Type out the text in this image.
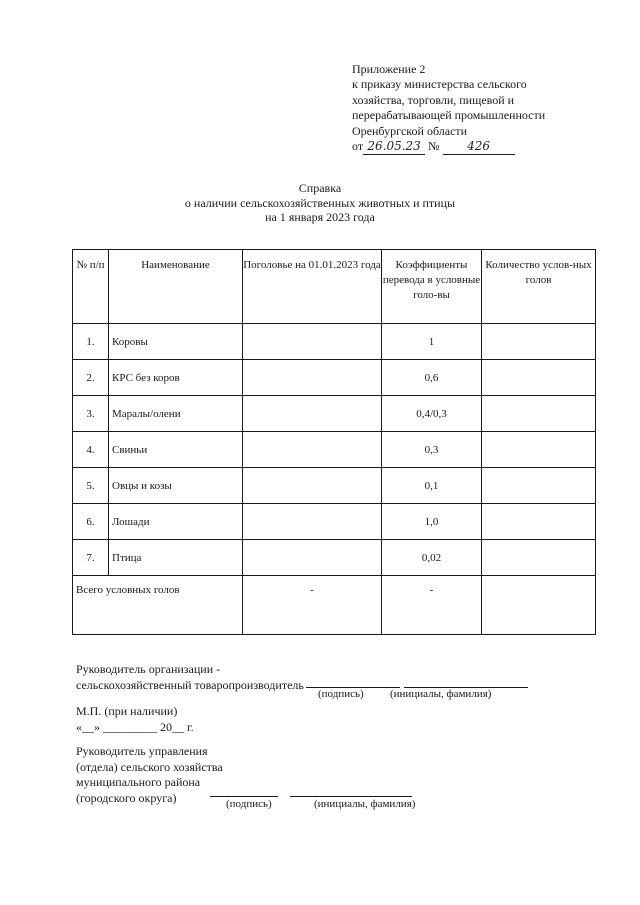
Приложение 2
к приказу министерства сельского
хозяйства, торговли, пищевой и
перерабатывающей промышленности
Оренбургской области
от 26.05.23 № 426
Справка
о наличии сельскохозяйственных животных и птицы
на 1 января 2023 года
№ п/п	Наименование	Поголовье на 01.01.2023 года	Коэффициенты перевода в условные голо-вы	Количество услов-ных голов
1.	Коровы		1	
2.	КРС без коров		0,6	
3.	Маралы/олени		0,4/0,3	
4.	Свиньи		0,3	
5.	Овцы и козы		0,1	
6.	Лошади		1,0	
7.	Птица		0,02	
Всего условных голов		-	-	
Руководитель организации -
сельскохозяйственный товаропроизводитель
(подпись) (инициалы, фамилия)
М.П. (при наличии)
«__» _________ 20__ г.
Руководитель управления
(отдела) сельского хозяйства
муниципального района
(городского округа)	(подпись)	(инициалы, фамилия)
